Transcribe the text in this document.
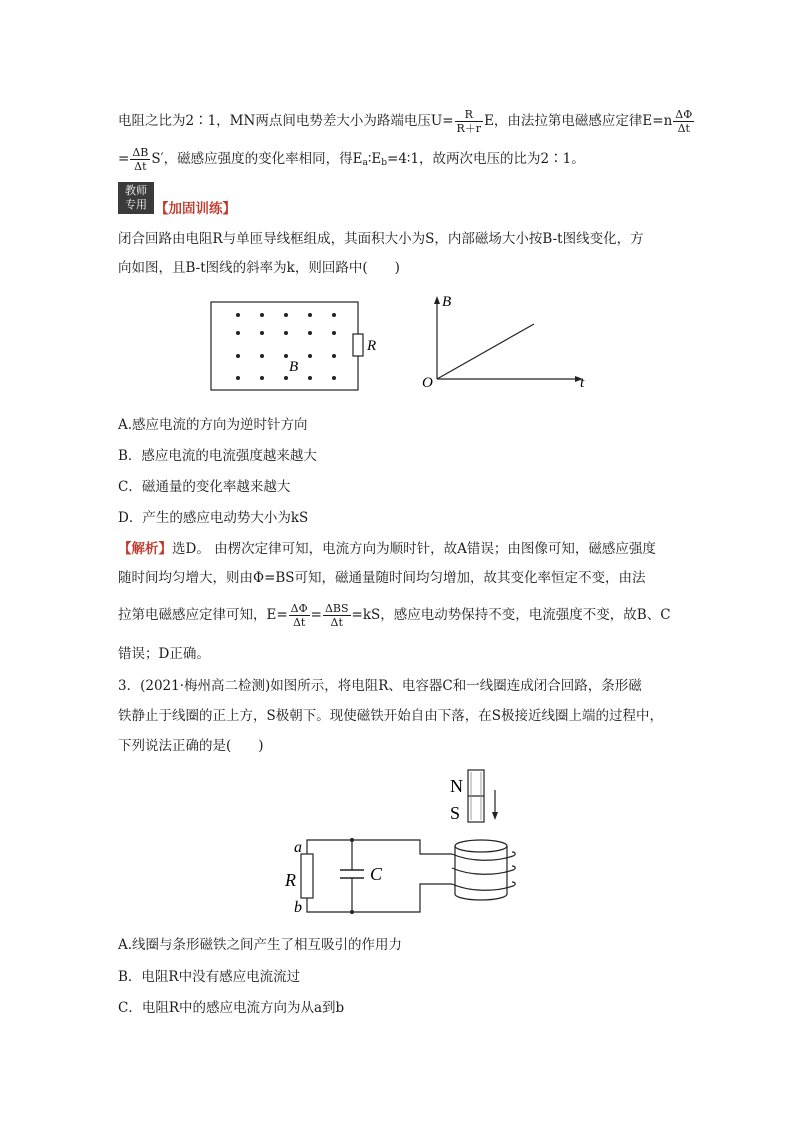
电阻之比为2∶1，MN两点间电势差大小为路端电压$U= \frac{R}{R+r}$ E，由法拉第电磁感应定律$E=n \frac{\Delta\Phi}{\Delta t}$
= $\frac{\Delta B}{\Delta t} S'$，磁感应强度的变化率相同，得$E_a∶E_b=4∶1$，故两次电压的比为2∶1。
教师
专用 【加固训练】
闭合回路由电阻R与单匝导线框组成，其面积大小为S，内部磁场大小按B-t图线变化，方
向如图，且B-t图线的斜率为k，则回路中(　　)
R
B
B
t
O
A.感应电流的方向为逆时针方向
B．感应电流的电流强度越来越大
C．磁通量的变化率越来越大
D．产生的感应电动势大小为kS
【解析】选D。 由楞次定律可知，电流方向为顺时针，故A错误；由图像可知，磁感应强度
随时间均匀增大，则由Φ=BS可知，磁通量随时间均匀增加，故其变化率恒定不变，由法
拉第电磁感应定律可知，$E= \frac{\Delta\Phi}{\Delta t} = \frac{\text{ΔBS}}{\Delta t} =kS$，感应电动势保持不变，电流强度不变，故B、C
错误；D正确。
3．(2021·梅州高二检测)如图所示，将电阻R、电容器C和一线圈连成闭合回路，条形磁
铁静止于线圈的正上方，S极朝下。现使磁铁开始自由下落，在S极接近线圈上端的过程中，
下列说法正确的是(　　)
N
S
R
a
b
C
A.线圈与条形磁铁之间产生了相互吸引的作用力
B．电阻R中没有感应电流流过
C．电阻R中的感应电流方向为从a到b
